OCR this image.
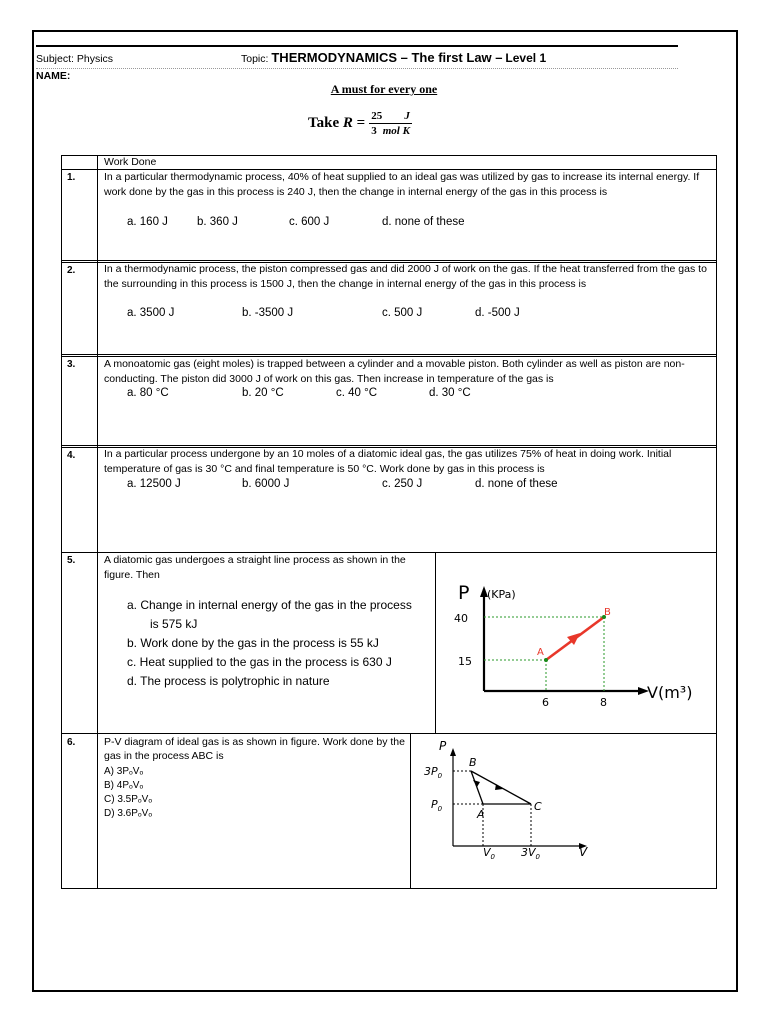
Subject: Physics	Topic: THERMODYNAMICS – The first Law – Level 1
NAME:
A must for every one
Take
$R = \frac{25 J}{\text{3 mol K}}$
Work Done
1.	In a particular thermodynamic process, 40% of heat supplied to an ideal gas was utilized by gas to increase its internal energy. If work done by the gas in this process is 240 J, then the change in internal energy of the gas in this process is
a. 160 J	b. 360 J	c. 600 J	d. none of these
2.	In a thermodynamic process, the piston compressed gas and did 2000 J of work on the gas. If the heat transferred from the gas to the surrounding in this process is 1500 J, then the change in internal energy of the gas in this process is
a. 3500 J	b. -3500 J	c. 500 J	d. -500 J
3.	A monoatomic gas (eight moles) is trapped between a cylinder and a movable piston. Both cylinder as well as piston are non-conducting. The piston did 3000 J of work on this gas. Then increase in temperature of the gas is
a. 80 °C	b. 20 °C	c. 40 °C	d. 30 °C
4.	In a particular process undergone by an 10 moles of a diatomic ideal gas, the gas utilizes 75% of heat in doing work. Initial temperature of gas is 30 °C and final temperature is 50 °C. Work done by gas in this process is
a. 12500 J	b. 6000 J	c. 250 J	d. none of these
5.	A diatomic gas undergoes a straight line process as shown in the figure. Then
a. Change in internal energy of the gas in the process
is 575 kJ
b. Work done by the gas in the process is 55 kJ
c. Heat supplied to the gas in the process is 630 J
d. The process is polytrophic in nature
P (KPa)
40
15
6	8
V(m³)
A
B
6.	P-V diagram of ideal gas is as shown in figure. Work done by the gas in the process ABC is
A) 3PₒVₒ
B) 4PₒVₒ
C) 3.5PₒVₒ
D) 3.6PₒVₒ
P
$3P_0$
$P_0$
$V_0$ $3V_0$	V
B
A
C
